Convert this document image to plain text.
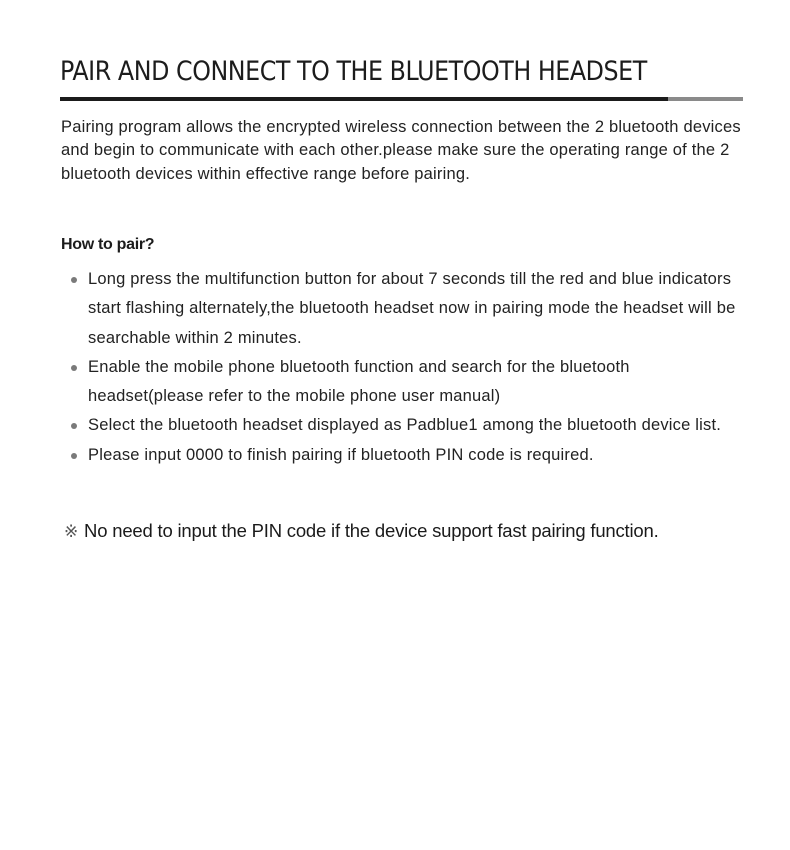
PAIR AND CONNECT TO THE BLUETOOTH HEADSET

Pairing program allows the encrypted wireless connection between the 2 bluetooth devices and begin to communicate with each other.please make sure the operating range of the 2 bluetooth devices within effective range before pairing.

How to pair?
Long press the multifunction button for about 7 seconds till the red and blue indicators start flashing alternately,the bluetooth headset now in pairing mode the headset will be searchable within 2 minutes.
Enable the mobile phone bluetooth function and search for the bluetooth headset(please refer to the mobile phone user manual)
Select the bluetooth headset displayed as Padblue1 among the bluetooth device list.
Please input 0000 to finish pairing if bluetooth PIN code is required.

※ No need to input the PIN code if the device support fast pairing function.
